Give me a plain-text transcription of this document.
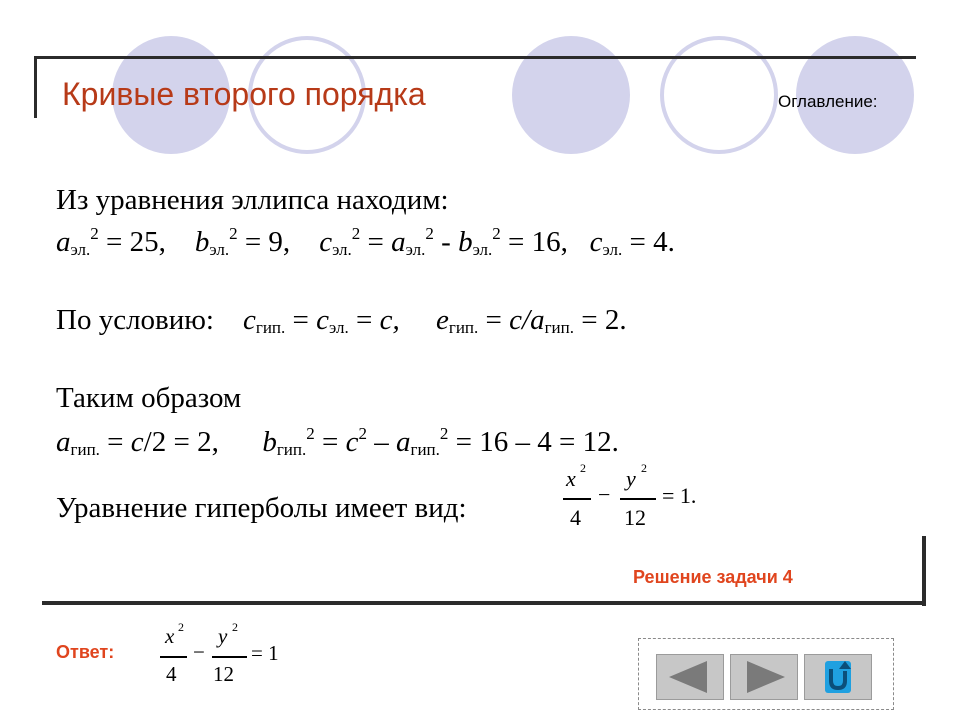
Кривые второго порядка	Оглавление:
Из уравнения эллипса находим:
$a_{эл.}^2 = 25$, $b_{эл.}^2 = 9$, $c_{эл.}^2 = a_{эл.}^2 - b_{эл.}^2 = 16$, $c_{эл.} = 4$.
По условию: $c_{гип.} = c_{эл.} = c$, $e_{гип.} = c/a_{гип.} = 2$.
Таким образом
$a_{гип.} = c/2 = 2$, $b_{гип.}^2 = c^2 - a_{гип.}^2 = 16 - 4 = 12$.
Уравнение гиперболы имеет вид:
x 2
4
−
y 2
12
= 1.
Решение задачи 4
Ответ:
x 2
4
−
y 2
12
= 1
